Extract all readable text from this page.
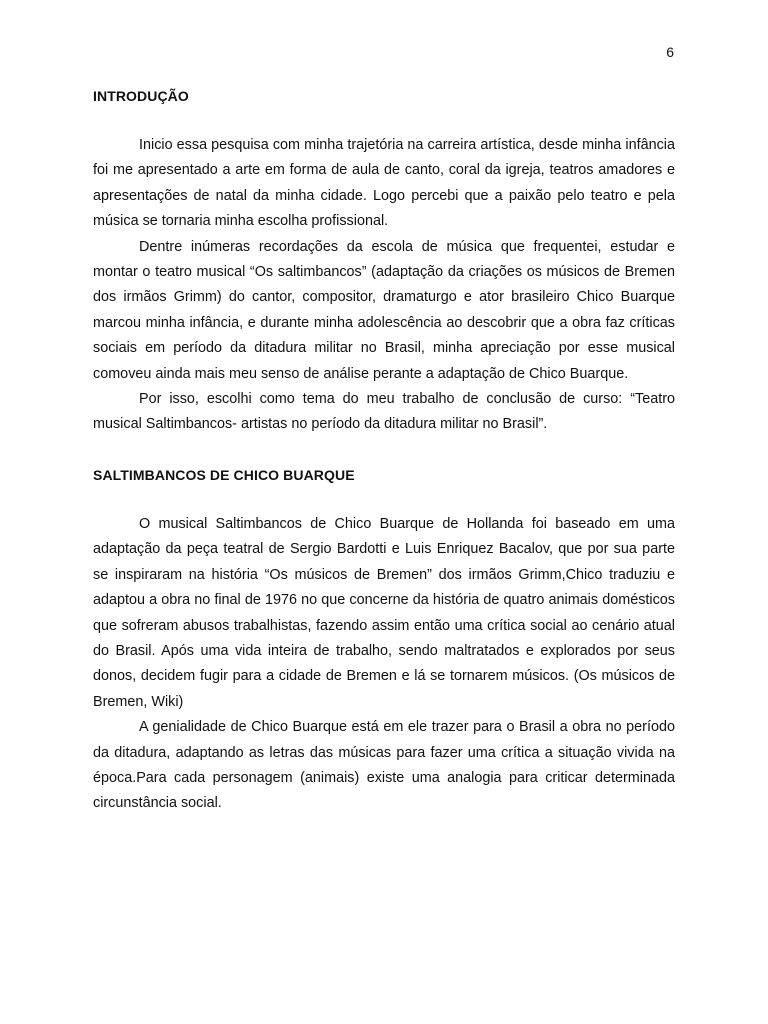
6
INTRODUÇÃO

Inicio essa pesquisa com minha trajetória na carreira artística, desde minha infância foi me apresentado a arte em forma de aula de canto, coral da igreja, teatros amadores e apresentações de natal da minha cidade. Logo percebi que a paixão pelo teatro e pela música se tornaria minha escolha profissional.

Dentre inúmeras recordações da escola de música que frequentei, estudar e montar o teatro musical “Os saltimbancos” (adaptação da criações os músicos de Bremen dos irmãos Grimm) do cantor, compositor, dramaturgo e ator brasileiro Chico Buarque marcou minha infância, e durante minha adolescência ao descobrir que a obra faz críticas sociais em período da ditadura militar no Brasil, minha apreciação por esse musical comoveu ainda mais meu senso de análise perante a adaptação de Chico Buarque.

Por isso, escolhi como tema do meu trabalho de conclusão de curso: “Teatro musical Saltimbancos- artistas no período da ditadura militar no Brasil”.

SALTIMBANCOS DE CHICO BUARQUE

O musical Saltimbancos de Chico Buarque de Hollanda foi baseado em uma adaptação da peça teatral de Sergio Bardotti e Luis Enriquez Bacalov, que por sua parte se inspiraram na história “Os músicos de Bremen” dos irmãos Grimm,Chico traduziu e adaptou a obra no final de 1976 no que concerne da história de quatro animais domésticos que sofreram abusos trabalhistas, fazendo assim então uma crítica social ao cenário atual do Brasil. Após uma vida inteira de trabalho, sendo maltratados e explorados por seus donos, decidem fugir para a cidade de Bremen e lá se tornarem músicos. (Os músicos de Bremen, Wiki)

A genialidade de Chico Buarque está em ele trazer para o Brasil a obra no período da ditadura, adaptando as letras das músicas para fazer uma crítica a situação vivida na época.Para cada personagem (animais) existe uma analogia para criticar determinada circunstância social.
